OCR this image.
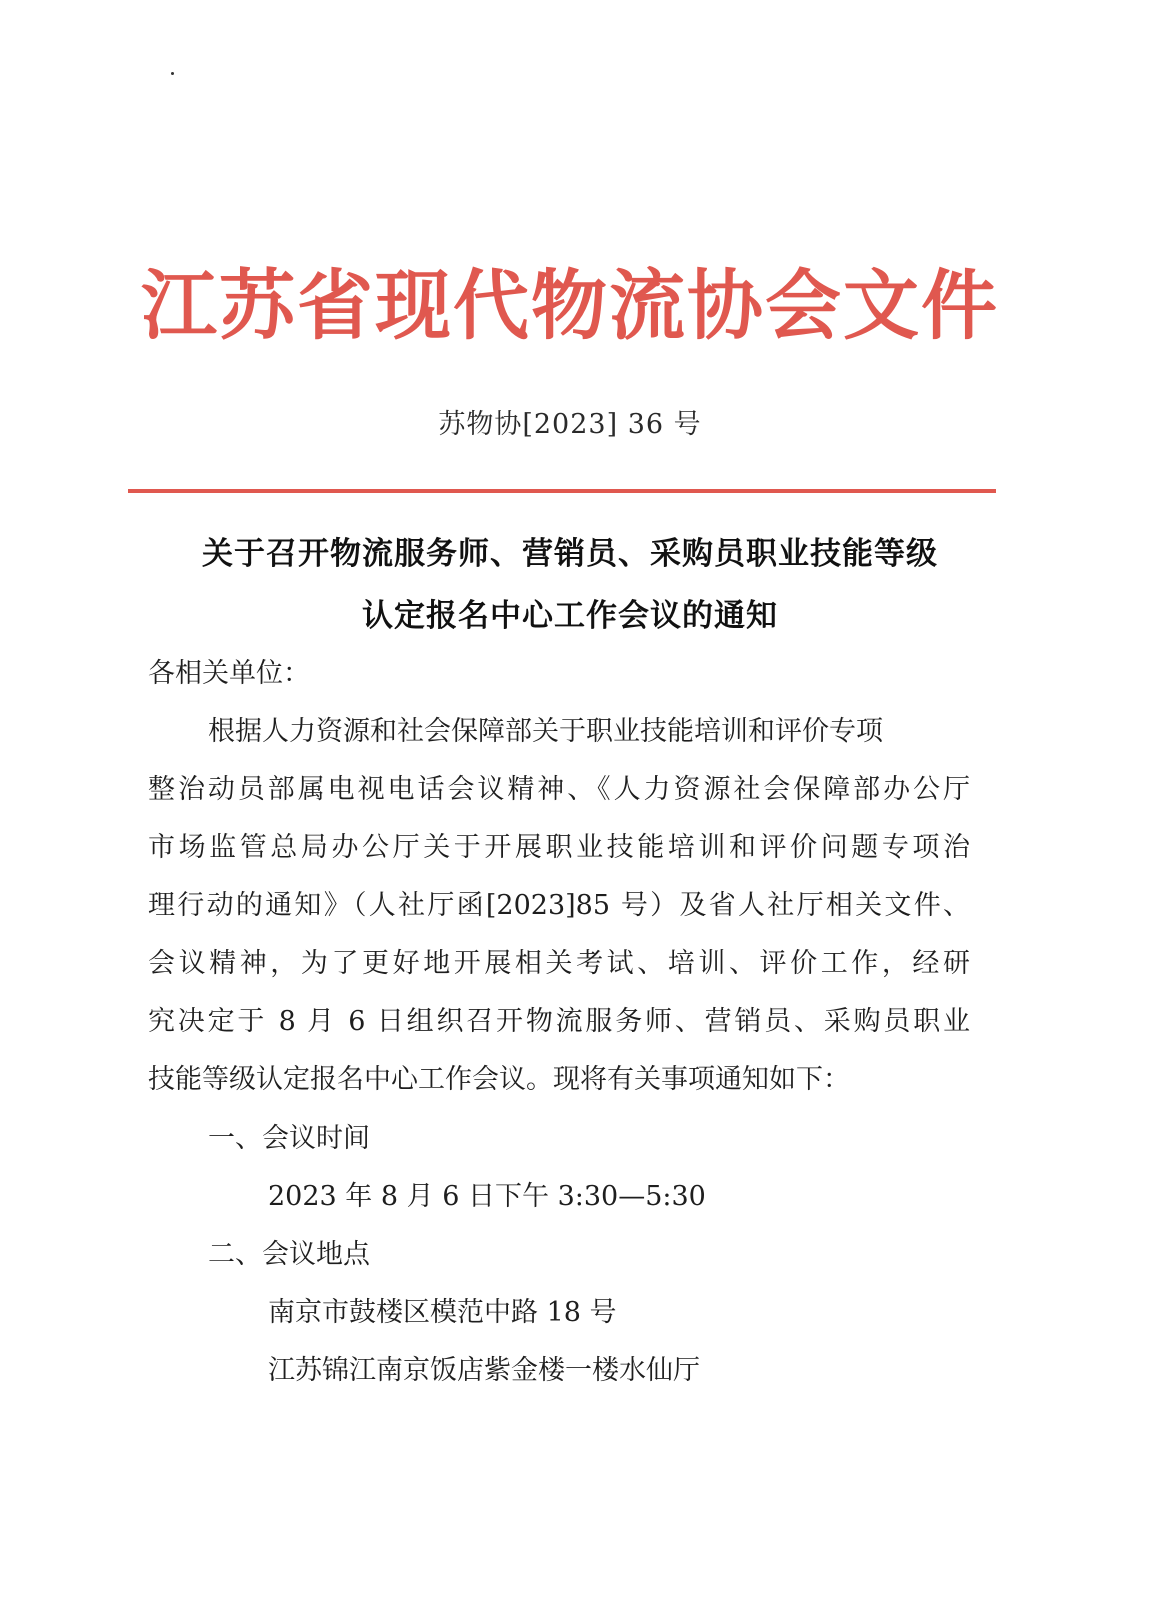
江苏省现代物流协会文件
苏物协[2023] 36 号
关于召开物流服务师、营销员、采购员职业技能等级
认定报名中心工作会议的通知
各相关单位：
根据人力资源和社会保障部关于职业技能培训和评价专项
整治动员部属电视电话会议精神、《人力资源社会保障部办公厅
市场监管总局办公厅关于开展职业技能培训和评价问题专项治
理行动的通知》（人社厅函[2023]85 号）及省人社厅相关文件、
会议精神，为了更好地开展相关考试、培训、评价工作，经研
究决定于 8 月 6 日组织召开物流服务师、营销员、采购员职业
技能等级认定报名中心工作会议。现将有关事项通知如下：
一、会议时间
2023 年 8 月 6 日下午 3:30—5:30
二、会议地点
南京市鼓楼区模范中路 18 号
江苏锦江南京饭店紫金楼一楼水仙厅
